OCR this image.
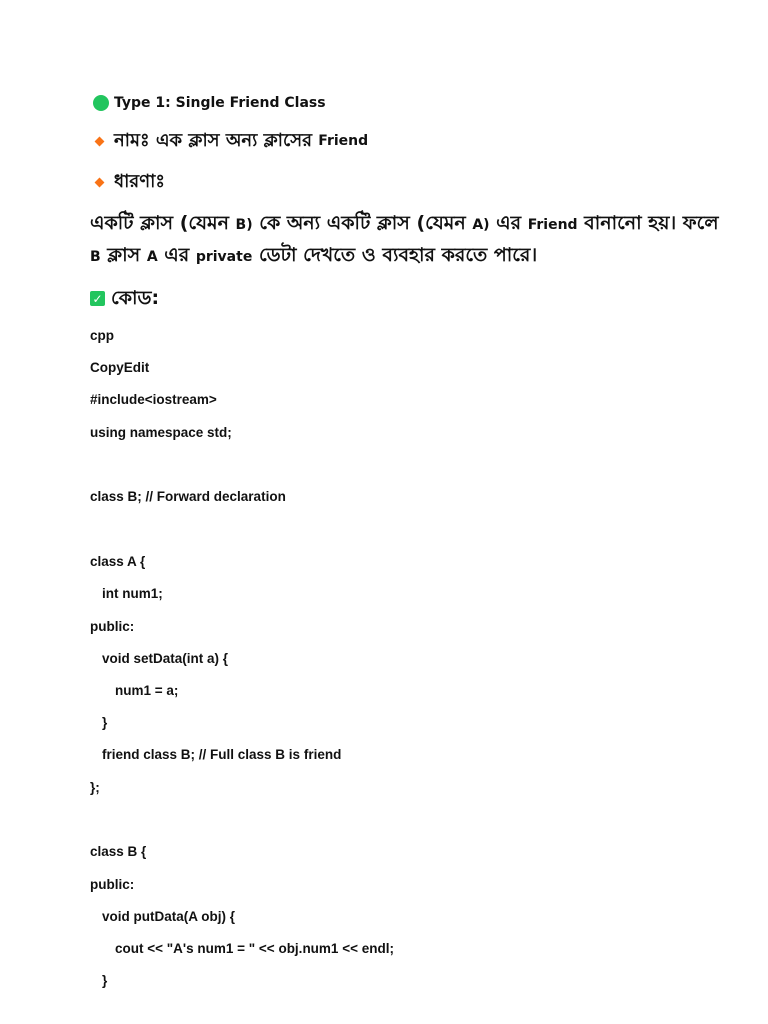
Type 1: Single Friend Class
নামঃ এক ক্লাস অন্য ক্লাসের
Friend
ধারণাঃ
একটি ক্লাস (যেমন B) কে অন্য একটি ক্লাস (যেমন A) এর Friend বানানো হয়। ফলে
B ক্লাস A এর private ডেটা দেখতে ও ব্যবহার করতে পারে।
✓ কোড:
cpp
CopyEdit
#include<iostream>
using namespace std;
class B; // Forward declaration
class A {
int num1;
public:
void setData(int a) {
num1 = a;
}
friend class B; // Full class B is friend
};
class B {
public:
void putData(A obj) {
cout << "A's num1 = " << obj.num1 << endl;
}
